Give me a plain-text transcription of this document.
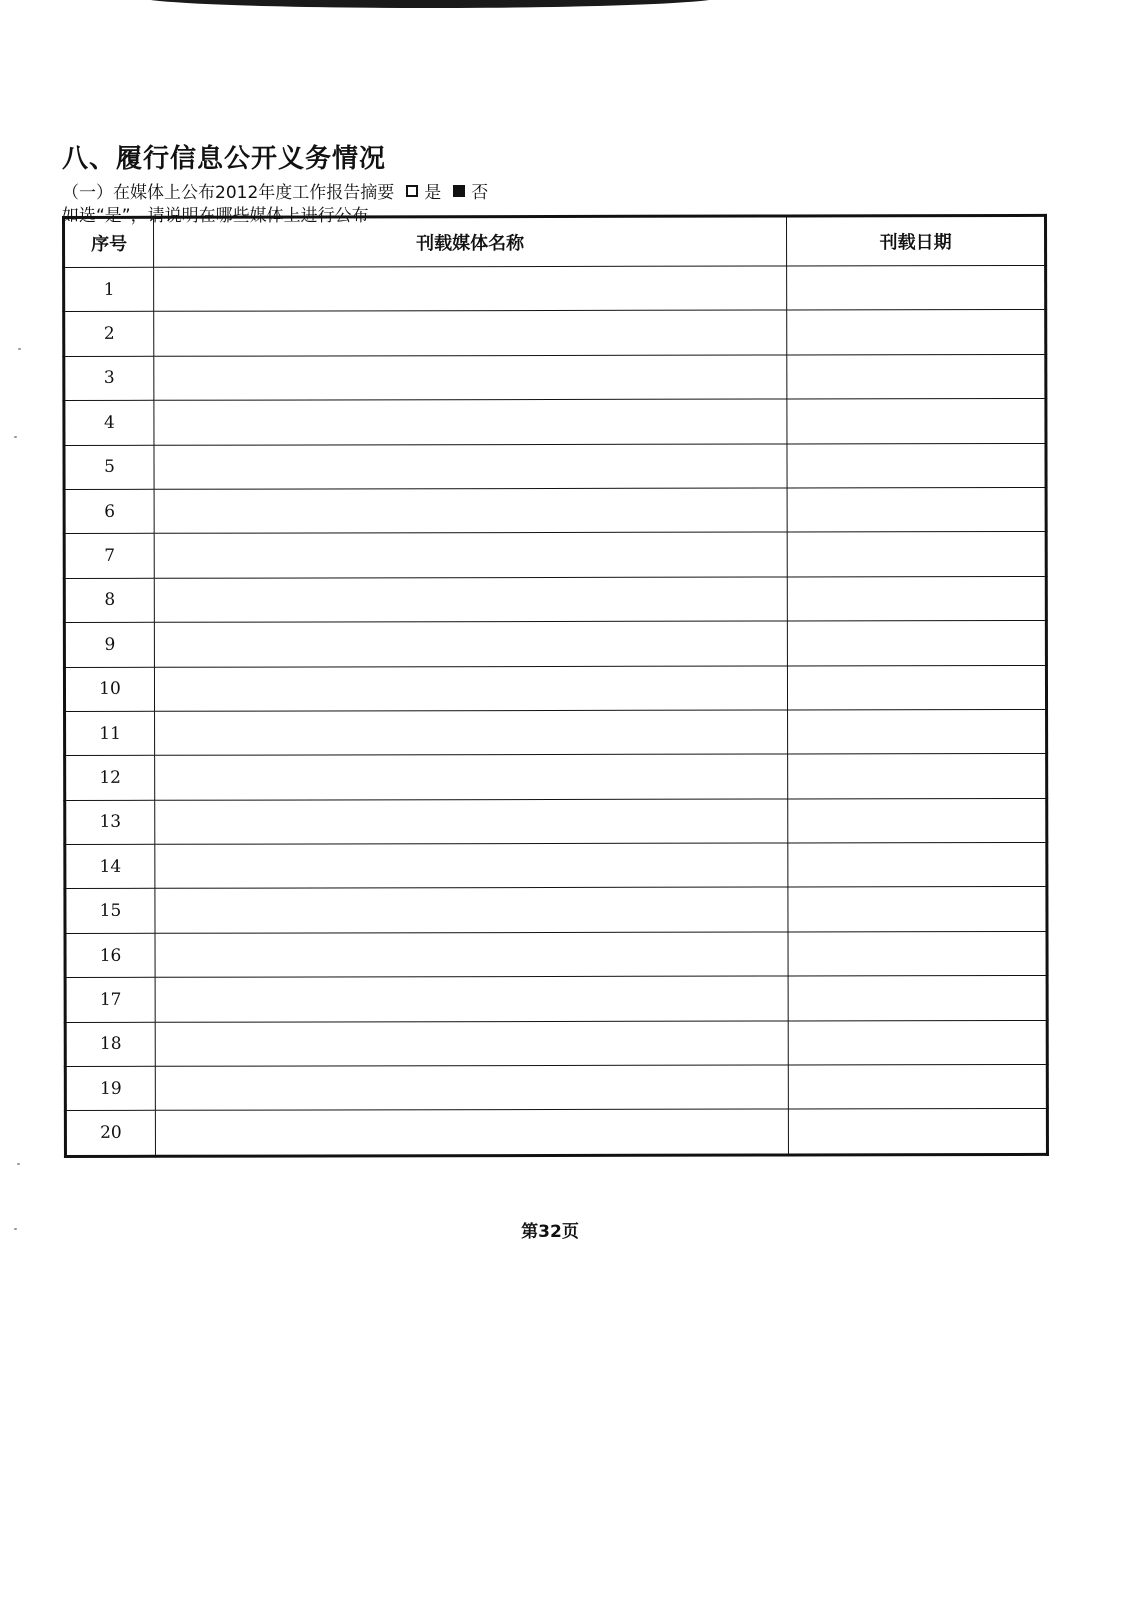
八、履行信息公开义务情况
（一）在媒体上公布2012年度工作报告摘要 是 否
如选“是”，请说明在哪些媒体上进行公布
序号	刊载媒体名称	刊载日期
1		
2		
3		
4		
5		
6		
7		
8		
9		
10		
11		
12		
13		
14		
15		
16		
17		
18		
19		
20		
第32页
